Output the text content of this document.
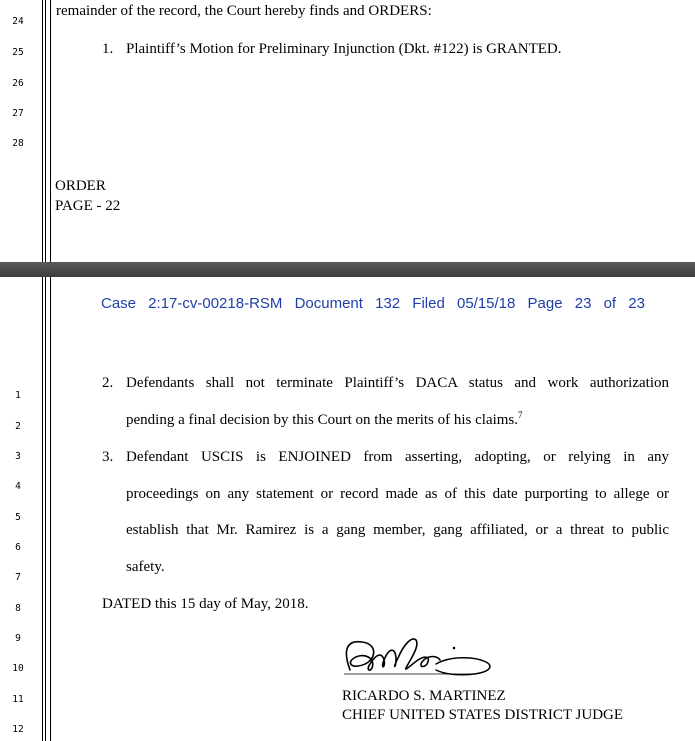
24
25
26
27
28
remainder of the record, the Court hereby finds and ORDERS:
1. Plaintiff’s Motion for Preliminary Injunction (Dkt. #122) is GRANTED.
ORDER
PAGE - 22
Case 2:17-cv-00218-RSM Document 132 Filed 05/15/18 Page 23 of 23
1
2
3
4
5
6
7
8
9
10
11
12
2. Defendants shall not terminate Plaintiff’s DACA status and work authorization
pending a final decision by this Court on the merits of his claims.$^7$
3. Defendant USCIS is ENJOINED from asserting, adopting, or relying in any
proceedings on any statement or record made as of this date purporting to allege or
establish that Mr. Ramirez is a gang member, gang affiliated, or a threat to public
safety.
DATED this 15 day of May, 2018.
RICARDO S. MARTINEZ
CHIEF UNITED STATES DISTRICT JUDGE
